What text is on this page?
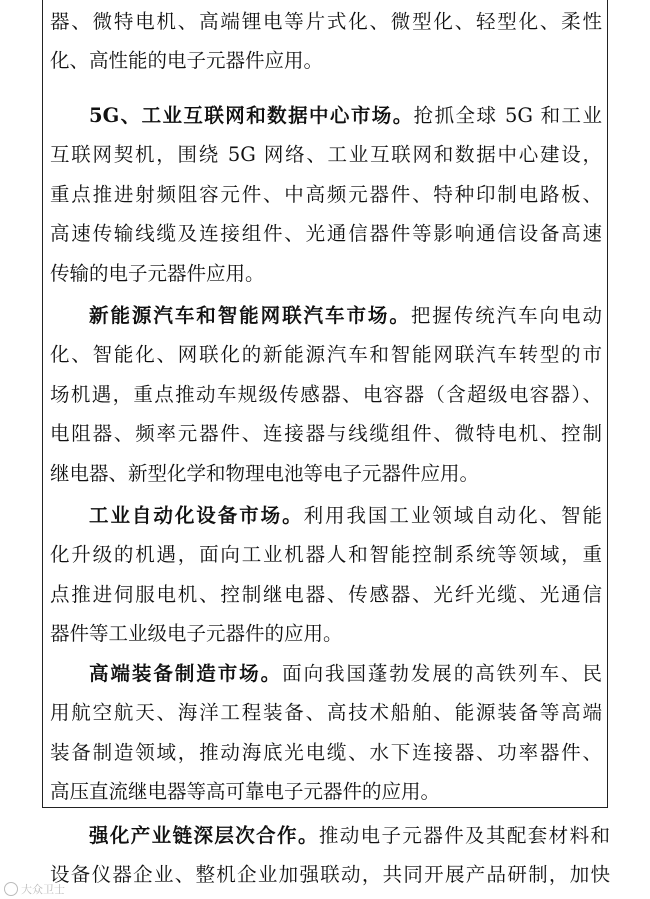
器、微特电机、高端锂电等片式化、微型化、轻型化、柔性
化、高性能的电子元器件应用。
5G、工业互联网和数据中心市场。抢抓全球 5G 和工业
互联网契机，围绕 5G 网络、工业互联网和数据中心建设，
重点推进射频阻容元件、中高频元器件、特种印制电路板、
高速传输线缆及连接组件、光通信器件等影响通信设备高速
传输的电子元器件应用。
新能源汽车和智能网联汽车市场。把握传统汽车向电动
化、智能化、网联化的新能源汽车和智能网联汽车转型的市
场机遇，重点推动车规级传感器、电容器（含超级电容器）、
电阻器、频率元器件、连接器与线缆组件、微特电机、控制
继电器、新型化学和物理电池等电子元器件应用。
工业自动化设备市场。利用我国工业领域自动化、智能
化升级的机遇，面向工业机器人和智能控制系统等领域，重
点推进伺服电机、控制继电器、传感器、光纤光缆、光通信
器件等工业级电子元器件的应用。
高端装备制造市场。面向我国蓬勃发展的高铁列车、民
用航空航天、海洋工程装备、高技术船舶、能源装备等高端
装备制造领域，推动海底光电缆、水下连接器、功率器件、
高压直流继电器等高可靠电子元器件的应用。
强化产业链深层次合作。推动电子元器件及其配套材料和
设备仪器企业、整机企业加强联动，共同开展产品研制，加快
大众卫士
